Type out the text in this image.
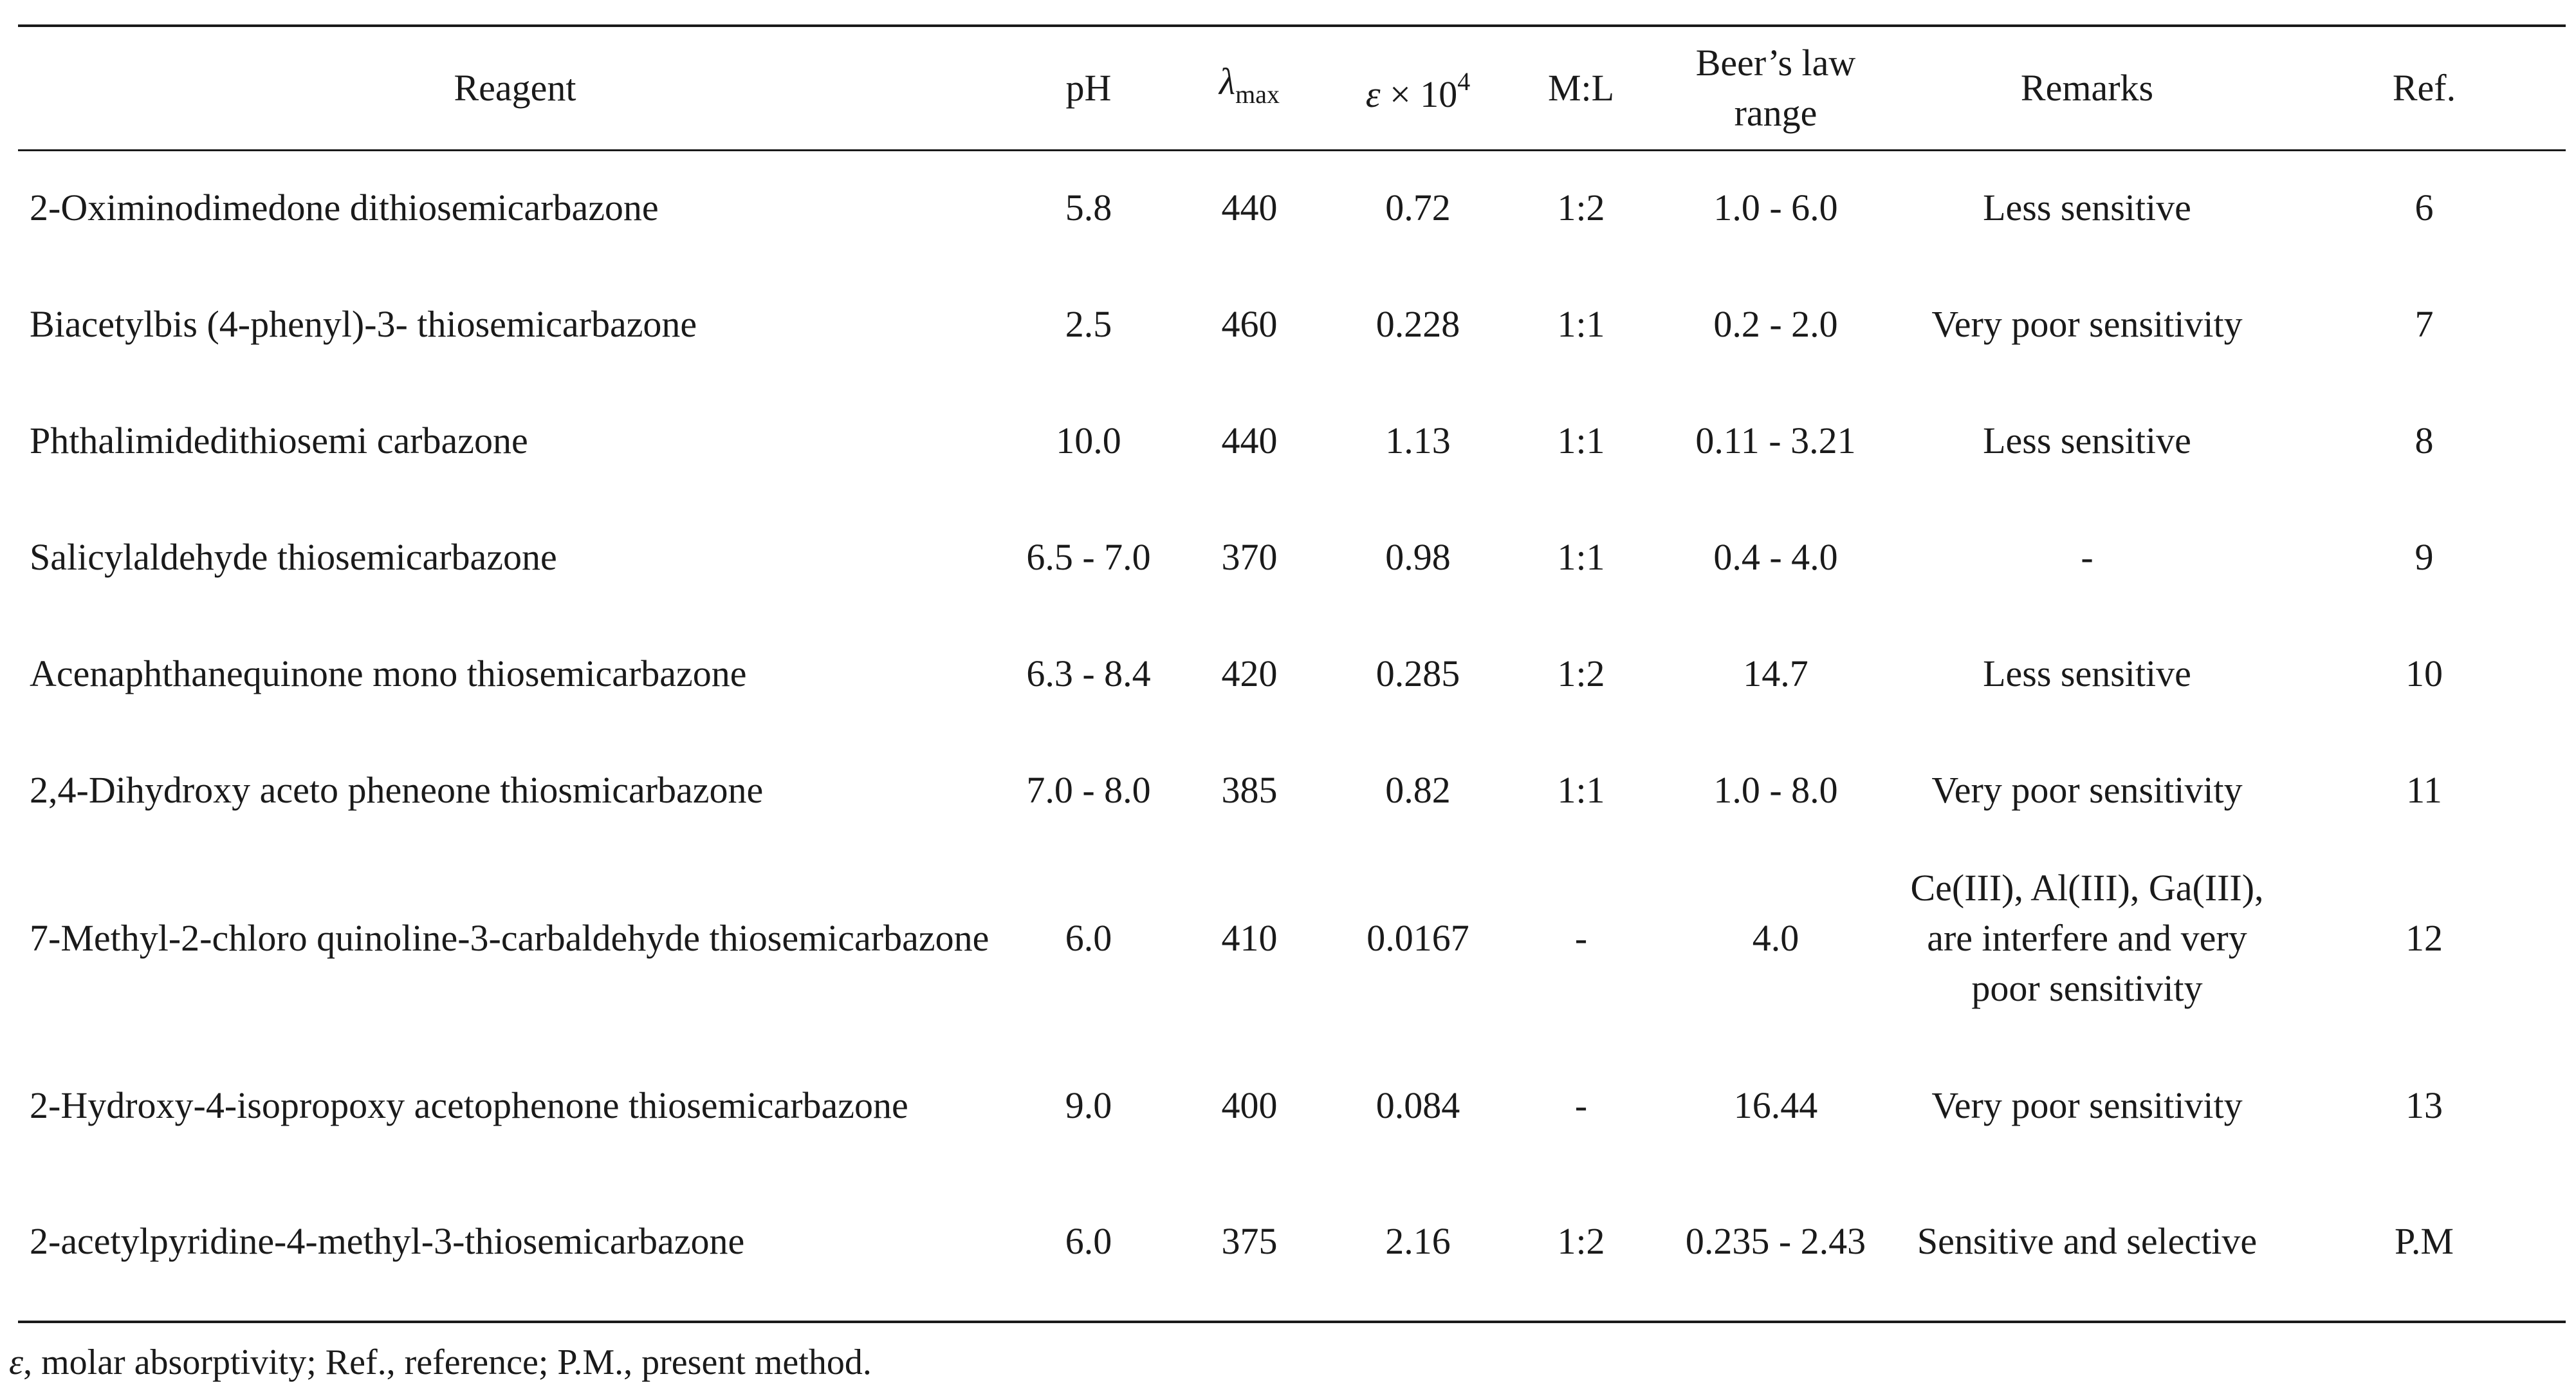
Reagent	pH	$\lambda_{max}$	$\varepsilon \times 10^4$	M:L	Beer’s law range	Remarks	Ref.
2-Oximinodimedone dithiosemicarbazone	5.8	440	0.72	1:2	1.0 - 6.0	Less sensitive	6
Biacetylbis (4-phenyl)-3- thiosemicarbazone	2.5	460	0.228	1:1	0.2 - 2.0	Very poor sensitivity	7
Phthalimidedithiosemi carbazone	10.0	440	1.13	1:1	0.11 - 3.21	Less sensitive	8
Salicylaldehyde thiosemicarbazone	6.5 - 7.0	370	0.98	1:1	0.4 - 4.0	-	9
Acenaphthanequinone mono thiosemicarbazone	6.3 - 8.4	420	0.285	1:2	14.7	Less sensitive	10
2,4-Dihydroxy aceto pheneone thiosmicarbazone	7.0 - 8.0	385	0.82	1:1	1.0 - 8.0	Very poor sensitivity	11
7-Methyl-2-chloro quinoline-3-carbaldehyde thiosemicarbazone	6.0	410	0.0167	-	4.0	Ce(III), Al(III), Ga(III), are interfere and very poor sensitivity	12
2-Hydroxy-4-isopropoxy acetophenone thiosemicarbazone	9.0	400	0.084	-	16.44	Very poor sensitivity	13
2-acetylpyridine-4-methyl-3-thiosemicarbazone	6.0	375	2.16	1:2	0.235 - 2.43	Sensitive and selective	P.M
ε, molar absorptivity; Ref., reference; P.M., present method.
